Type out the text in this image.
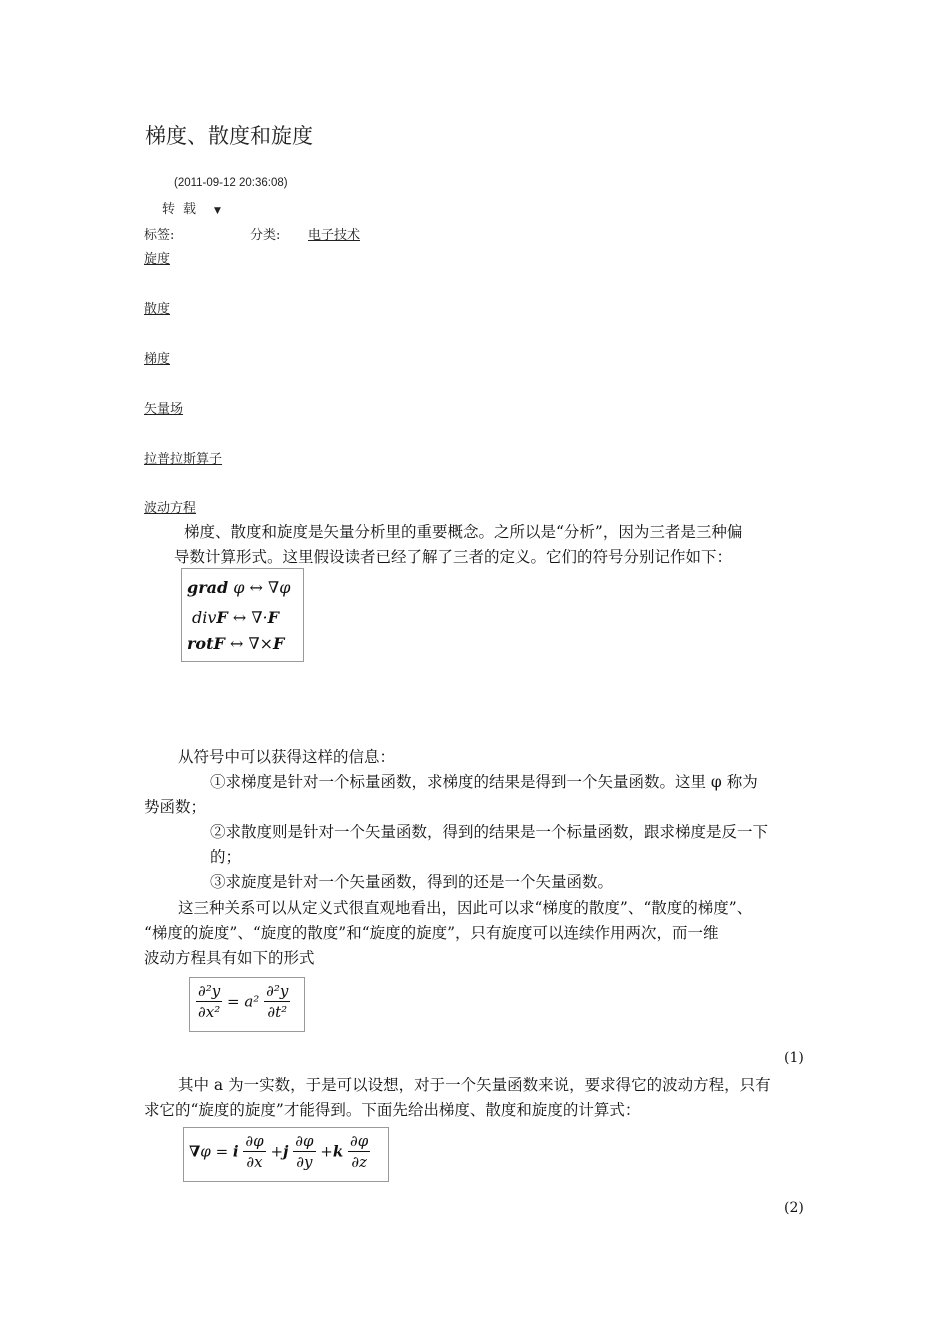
梯度、散度和旋度
(2011-09-12 20:36:08)
转载 ▼
标签:	分类: 电子技术
旋度
散度
梯度
矢量场
拉普拉斯算子
波动方程
梯度、散度和旋度是矢量分析里的重要概念。之所以是“分析”，因为三者是三种偏
导数计算形式。这里假设读者已经了解了三者的定义。它们的符号分别记作如下：
grad φ ↔ ∇φ
divF ↔ ∇·F
rotF ↔ ∇×F
从符号中可以获得这样的信息：
①求梯度是针对一个标量函数，求梯度的结果是得到一个矢量函数。这里 φ 称为
势函数；
②求散度则是针对一个矢量函数，得到的结果是一个标量函数，跟求梯度是反一下
的；
③求旋度是针对一个矢量函数，得到的还是一个矢量函数。
这三种关系可以从定义式很直观地看出，因此可以求“梯度的散度”、“散度的梯度”、
“梯度的旋度”、“旋度的散度”和“旋度的旋度”，只有旋度可以连续作用两次，而一维
波动方程具有如下的形式
$\frac{\text{∂²y}}{\text{∂x²}} = a^2 \frac{\text{∂²y}}{\text{∂t²}}$
(1)
其中 a 为一实数，于是可以设想，对于一个矢量函数来说，要求得它的波动方程，只有
求它的“旋度的旋度”才能得到。下面先给出梯度、散度和旋度的计算式：
∇φ = i $\frac{\partial\varphi}{\partial x} +j \frac{\partial\varphi}{\partial y} +k \frac{\partial\varphi}{\partial z}$
(2)
